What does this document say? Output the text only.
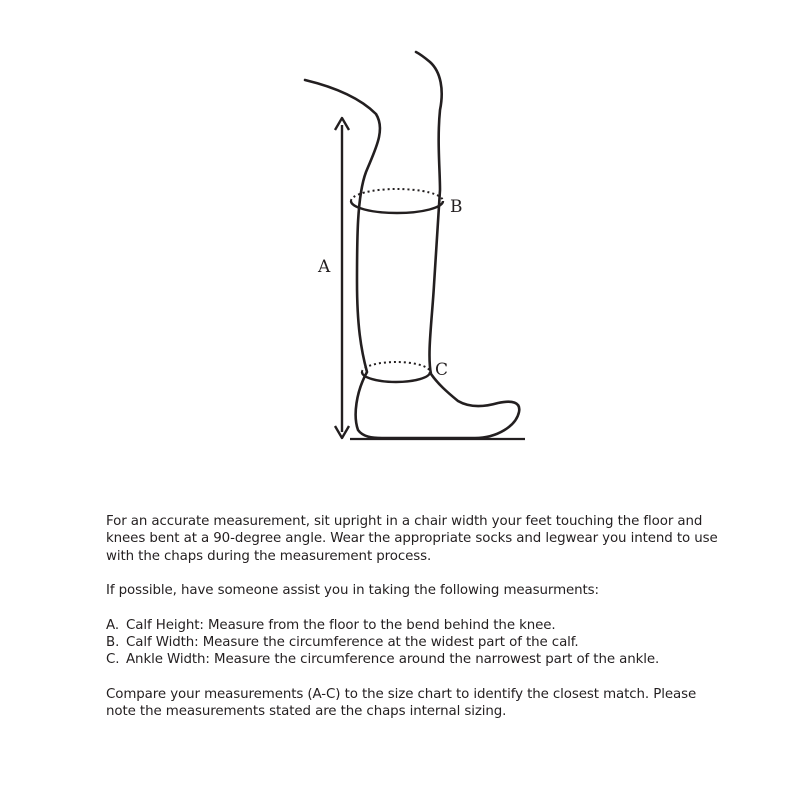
A
B
C

For an accurate measurement, sit upright in a chair width your feet touching the floor and knees bent at a 90-degree angle. Wear the appropriate socks and legwear you intend to use with the chaps during the measurement process.

If possible, have someone assist you in taking the following measurments:

A. Calf Height: Measure from the floor to the bend behind the knee.
B. Calf Width: Measure the circumference at the widest part of the calf.
C. Ankle Width: Measure the circumference around the narrowest part of the ankle.

Compare your measurements (A-C) to the size chart to identify the closest match. Please note the measurements stated are the chaps internal sizing.
